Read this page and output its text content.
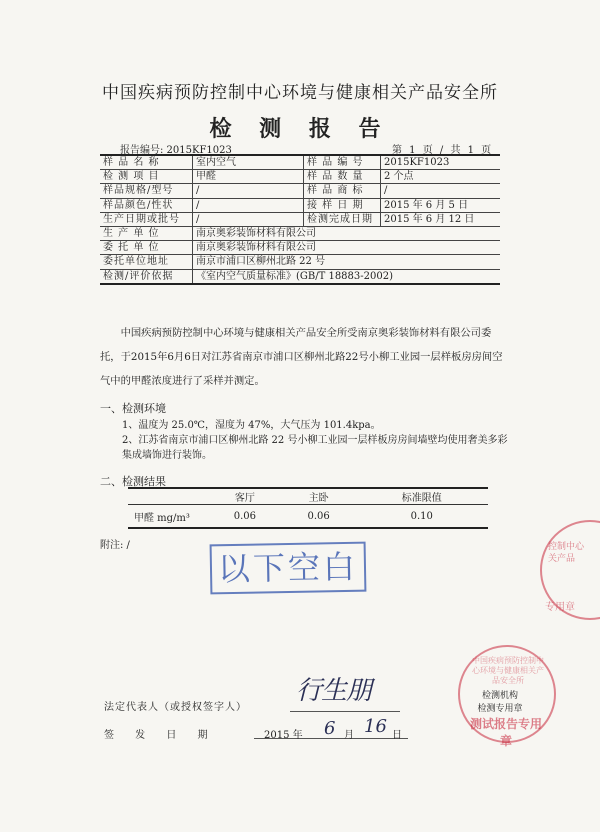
中国疾病预防控制中心环境与健康相关产品安全所
检 测 报 告
报告编号: 2015KF1023	第 1 页 / 共 1 页
样 品 名 称	室内空气	样 品 编 号	2015KF1023
检 测 项 目	甲醛	样 品 数 量	2 个点
样品规格/型号	/	样 品 商 标	/
样品颜色/性状	/	接 样 日 期	2015 年 6 月 5 日
生产日期或批号	/	检测完成日期	2015 年 6 月 12 日
生 产 单 位	南京奥彩装饰材料有限公司		
委 托 单 位	南京奥彩装饰材料有限公司		
委托单位地址	南京市浦口区柳州北路 22 号		
检测/评价依据	《室内空气质量标准》(GB/T 18883-2002)		
中国疾病预防控制中心环境与健康相关产品安全所受南京奥彩装饰材料有限公司委托，于2015年6月6日对江苏省南京市浦口区柳州北路22号小柳工业园一层样板房房间空气中的甲醛浓度进行了采样并测定。
一、检测环境
1、温度为 25.0℃，湿度为 47%，大气压为 101.4kpa。
2、江苏省南京市浦口区柳州北路 22 号小柳工业园一层样板房房间墙壁均使用奢美多彩集成墙饰进行装饰。
二、检测结果
	客厅	主卧	标准限值
甲醛 mg/m³	0.06	0.06	0.10
附注: /
以下空白
控制中心关产品
专用章
法定代表人（或授权签字人）
行生朋
签 发 日 期	2015 年 6 月 16 日
中国疾病预防控制中心环境与健康相关产品安全所
检测机构
检测专用章
测试报告专用章
